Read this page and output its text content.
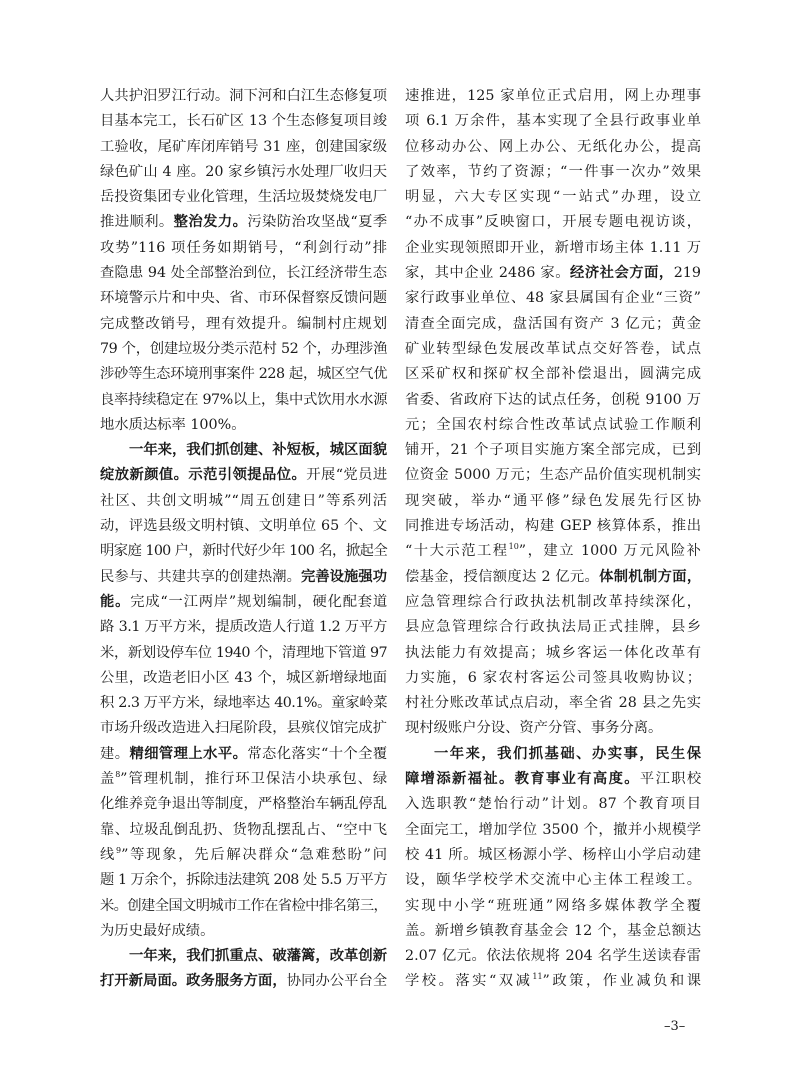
人共护汨罗江行动。洞下河和白江生态修复项
目基本完工，长石矿区 13 个生态修复项目竣
工验收，尾矿库闭库销号 31 座，创建国家级
绿色矿山 4 座。20 家乡镇污水处理厂收归天
岳投资集团专业化管理，生活垃圾焚烧发电厂
推进顺利。整治发力。污染防治攻坚战“夏季
攻势”116 项任务如期销号，“利剑行动”排
查隐患 94 处全部整治到位，长江经济带生态
环境警示片和中央、省、市环保督察反馈问题
完成整改销号，理有效提升。编制村庄规划
79 个，创建垃圾分类示范村 52 个，办理涉渔
涉砂等生态环境刑事案件 228 起，城区空气优
良率持续稳定在 97%以上，集中式饮用水水源
地水质达标率 100%。
一年来，我们抓创建、补短板，城区面貌
绽放新颜值。示范引领提品位。开展“党员进
社区、共创文明城”“周五创建日”等系列活
动，评选县级文明村镇、文明单位 65 个、文
明家庭 100 户，新时代好少年 100 名，掀起全
民参与、共建共享的创建热潮。完善设施强功
能。完成“一江两岸”规划编制，硬化配套道
路 3.1 万平方米，提质改造人行道 1.2 万平方
米，新划设停车位 1940 个，清理地下管道 97
公里，改造老旧小区 43 个，城区新增绿地面
积 2.3 万平方米，绿地率达 40.1%。童家岭菜
市场升级改造进入扫尾阶段，县殡仪馆完成扩
建。精细管理上水平。常态化落实“十个全覆
盖$^8$”管理机制，推行环卫保洁小块承包、绿
化维养竞争退出等制度，严格整治车辆乱停乱
靠、垃圾乱倒乱扔、货物乱摆乱占、“空中飞
线$^9$”等现象，先后解决群众“急难愁盼”问
题 1 万余个，拆除违法建筑 208 处 5.5 万平方
米。创建全国文明城市工作在省检中排名第三，
为历史最好成绩。
一年来，我们抓重点、破藩篱，改革创新
打开新局面。政务服务方面，协同办公平台全
速推进，125 家单位正式启用，网上办理事
项 6.1 万余件，基本实现了全县行政事业单
位移动办公、网上办公、无纸化办公，提高
了效率，节约了资源；“一件事一次办”效果
明显，六大专区实现“一站式”办理，设立
“办不成事”反映窗口，开展专题电视访谈，
企业实现领照即开业，新增市场主体 1.11 万
家，其中企业 2486 家。经济社会方面，219
家行政事业单位、48 家县属国有企业“三资”
清查全面完成，盘活国有资产 3 亿元；黄金
矿业转型绿色发展改革试点交好答卷，试点
区采矿权和探矿权全部补偿退出，圆满完成
省委、省政府下达的试点任务，创税 9100 万
元；全国农村综合性改革试点试验工作顺利
铺开，21 个子项目实施方案全部完成，已到
位资金 5000 万元；生态产品价值实现机制实
现突破，举办“通平修”绿色发展先行区协
同推进专场活动，构建 GEP 核算体系，推出
“十大示范工程$^{10}$”，建立 1000 万元风险补
偿基金，授信额度达 2 亿元。体制机制方面，
应急管理综合行政执法机制改革持续深化，
县应急管理综合行政执法局正式挂牌，县乡
执法能力有效提高；城乡客运一体化改革有
力实施，6 家农村客运公司签具收购协议；
村社分账改革试点启动，率全省 28 县之先实
现村级账户分设、资产分管、事务分离。
一年来，我们抓基础、办实事，民生保
障增添新福祉。教育事业有高度。平江职校
入选职教“楚怡行动”计划。87 个教育项目
全面完工，增加学位 3500 个，撤并小规模学
校 41 所。城区杨源小学、杨梓山小学启动建
设，颐华学校学术交流中心主体工程竣工。
实现中小学“班班通”网络多媒体教学全覆
盖。新增乡镇教育基金会 12 个，基金总额达
2.07 亿元。依法依规将 204 名学生送读春雷
学校。落实“双减$^{11}$”政策，作业减负和课
–3–
